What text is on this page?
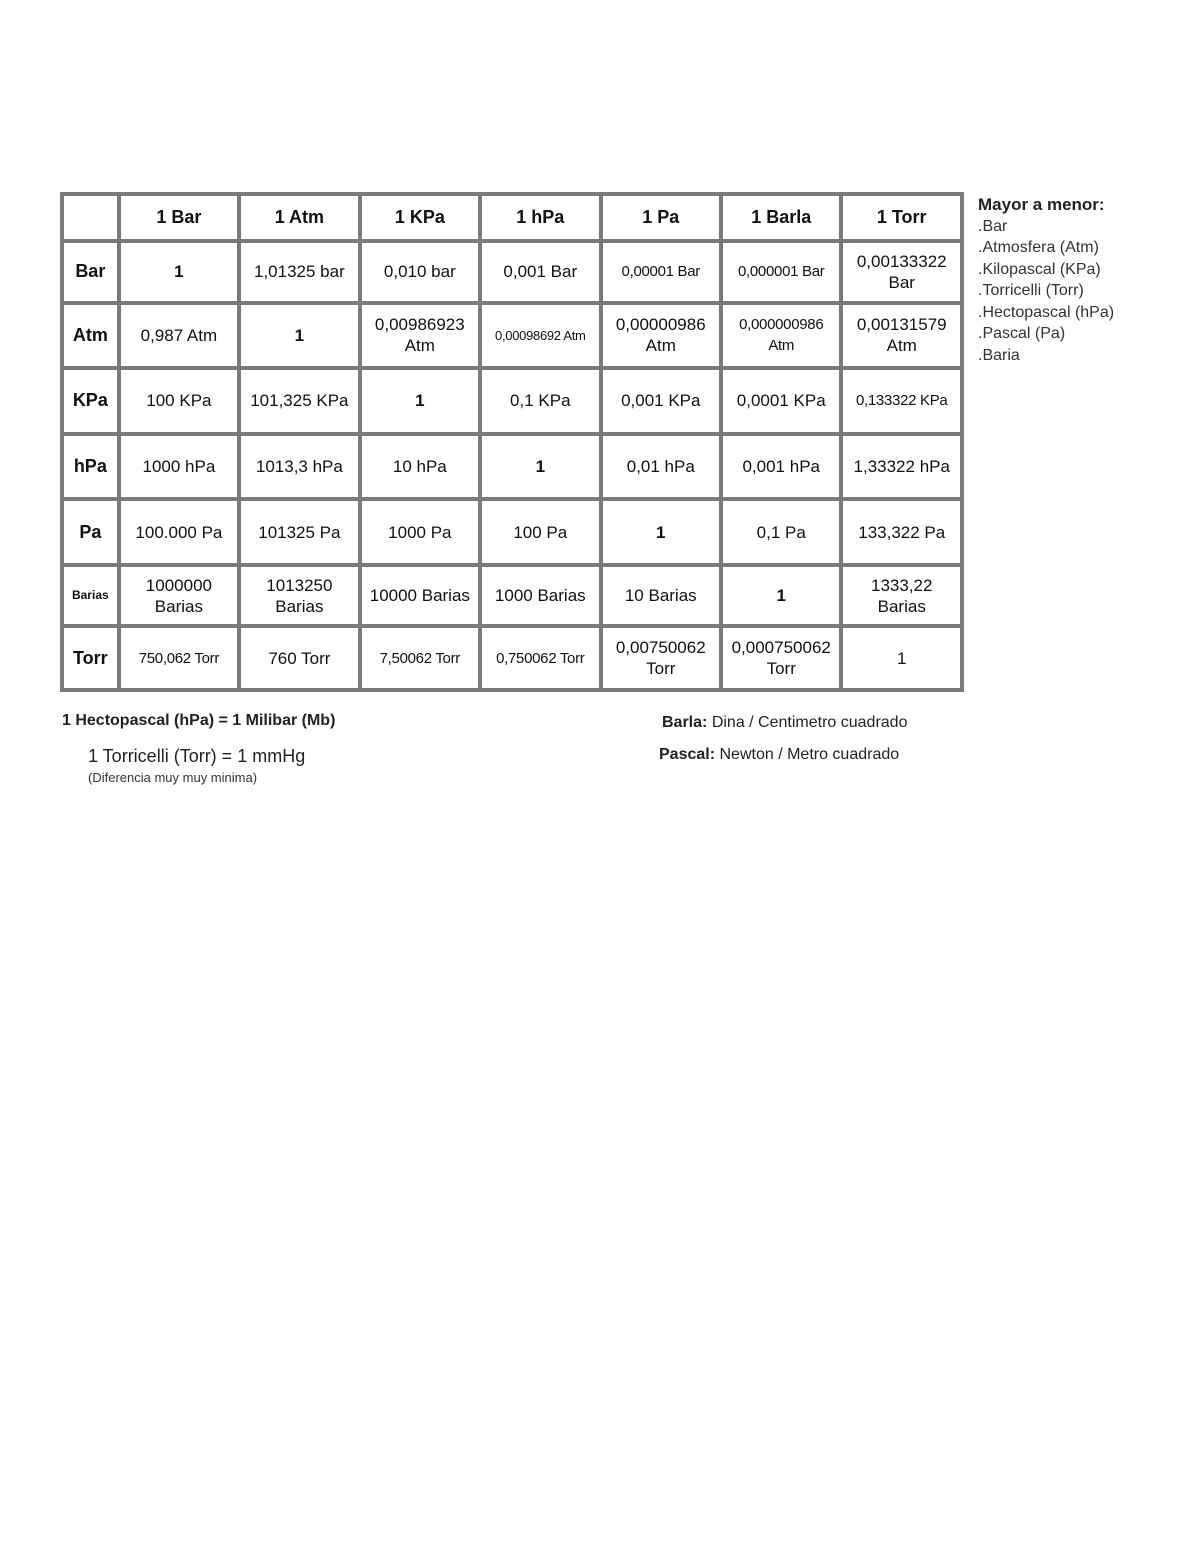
	1 Bar	1 Atm	1 KPa	1 hPa	1 Pa	1 Barla	1 Torr
Bar	1	1,01325 bar	0,010 bar	0,001 Bar	0,00001 Bar	0,000001 Bar	0,00133322 Bar
Atm	0,987 Atm	1	0,00986923 Atm	0,00098692 Atm	0,00000986 Atm	0,000000986 Atm	0,00131579 Atm
KPa	100 KPa	101,325 KPa	1	0,1 KPa	0,001 KPa	0,0001 KPa	0,133322 KPa
hPa	1000 hPa	1013,3 hPa	10 hPa	1	0,01 hPa	0,001 hPa	1,33322 hPa
Pa	100.000 Pa	101325 Pa	1000 Pa	100 Pa	1	0,1 Pa	133,322 Pa
Barias	1000000 Barias	1013250 Barias	10000 Barias	1000 Barias	10 Barias	1	1333,22 Barias
Torr	750,062 Torr	760 Torr	7,50062 Torr	0,750062 Torr	0,00750062 Torr	0,000750062 Torr	1
Mayor a menor:
.Bar
.Atmosfera (Atm)
.Kilopascal (KPa)
.Torricelli (Torr)
.Hectopascal (hPa)
.Pascal (Pa)
.Baria
1 Hectopascal (hPa) = 1 Milibar (Mb)
1 Torricelli (Torr) = 1 mmHg
(Diferencia muy muy minima)
Barla: Dina / Centimetro cuadrado
Pascal: Newton / Metro cuadrado
